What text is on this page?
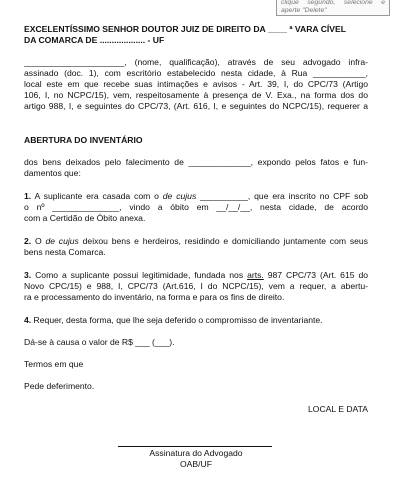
clique segundo, selecione e aperte "Delete"
EXCELENTÍSSIMO SENHOR DOUTOR JUIZ DE DIREITO DA ____ ª VARA CÍVEL
DA COMARCA DE ................... - UF
_____________________, (nome, qualificação), através de seu advogado infra-
assinado (doc. 1), com escritório estabelecido nesta cidade, à Rua ___________,
local este em que recebe suas intimações e avisos - Art. 39, I, do CPC/73 (Artigo
106, I, no NCPC/15), vem, respeitosamente à presença de V. Exa., na forma dos do
artigo 988, I, e seguintes do CPC/73, (Art. 616, I, e seguintes do NCPC/15), requerer a
ABERTURA DO INVENTÁRIO
dos bens deixados pelo falecimento de _____________, expondo pelos fatos e fun-
damentos que:
1. A suplicante era casada com o de cujus __________, que era inscrito no CPF sob
o nº ______________, vindo a óbito em __/__/__, nesta cidade, de acordo
com a Certidão de Óbito anexa.
2. O de cujus deixou bens e herdeiros, residindo e domiciliando juntamente com seus
bens nesta Comarca.
3. Como a suplicante possui legitimidade, fundada nos arts. 987 CPC/73 (Art. 615 do
Novo CPC/15) e 988, I, CPC/73 (Art.616, I do NCPC/15), vem a requer, a abertu-
ra e processamento do inventário, na forma e para os fins de direito.
4. Requer, desta forma, que lhe seja deferido o compromisso de inventariante.
Dá-se à causa o valor de R$ ___ (___).
Termos em que
Pede deferimento.
LOCAL E DATA
Assinatura do Advogado
OAB/UF
